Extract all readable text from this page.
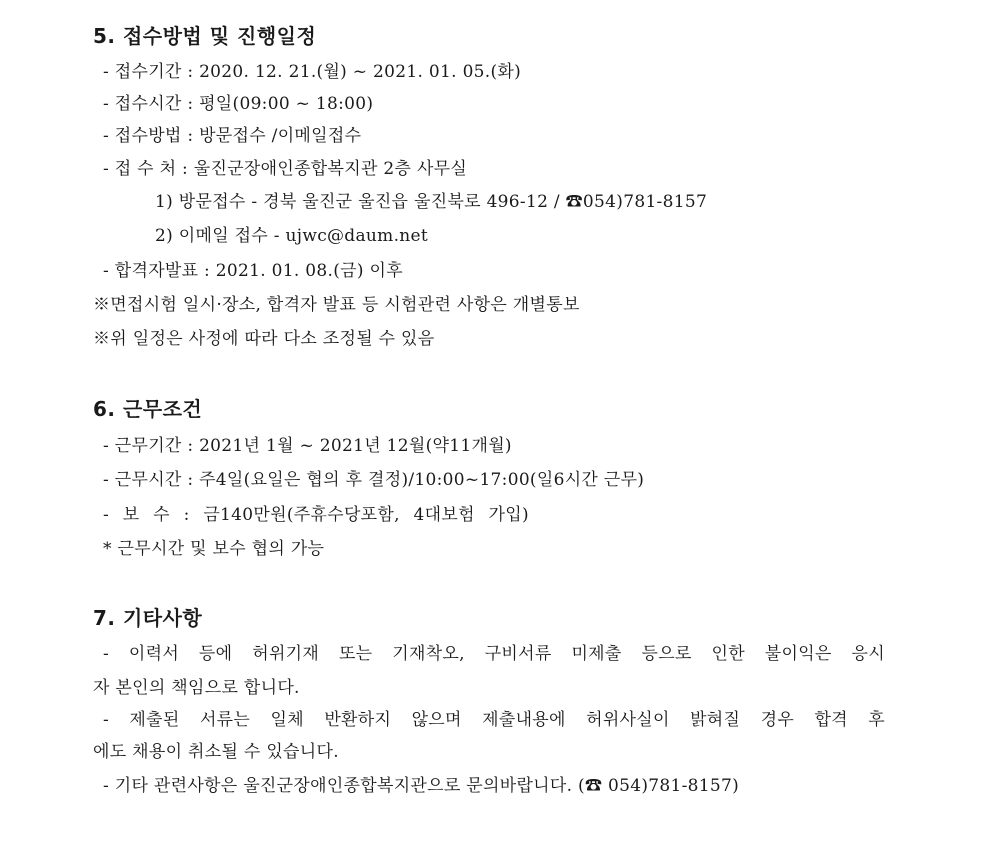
5. 접수방법 및 진행일정
- 접수기간 : 2020. 12. 21.(월) ~ 2021. 01. 05.(화)
- 접수시간 : 평일(09:00 ~ 18:00)
- 접수방법 : 방문접수 /이메일접수
- 접 수 처 : 울진군장애인종합복지관 2층 사무실
1) 방문접수 - 경북 울진군 울진읍 울진북로 496-12 / ☎054)781-8157
2) 이메일 접수 - ujwc@daum.net
- 합격자발표 : 2021. 01. 08.(금) 이후
※면접시험 일시·장소, 합격자 발표 등 시험관련 사항은 개별통보
※위 일정은 사정에 따라 다소 조정될 수 있음
6. 근무조건
- 근무기간 : 2021년 1월 ~ 2021년 12월(약11개월)
- 근무시간 : 주4일(요일은 협의 후 결정)/10:00~17:00(일6시간 근무)
- 보 수 : 금140만원(주휴수당포함, 4대보험 가입)
* 근무시간 및 보수 협의 가능
7. 기타사항
- 이력서 등에 허위기재 또는 기재착오, 구비서류 미제출 등으로 인한 불이익은 응시
자 본인의 책임으로 합니다.
- 제출된 서류는 일체 반환하지 않으며 제출내용에 허위사실이 밝혀질 경우 합격 후
에도 채용이 취소될 수 있습니다.
- 기타 관련사항은 울진군장애인종합복지관으로 문의바랍니다. (☎ 054)781-8157)
